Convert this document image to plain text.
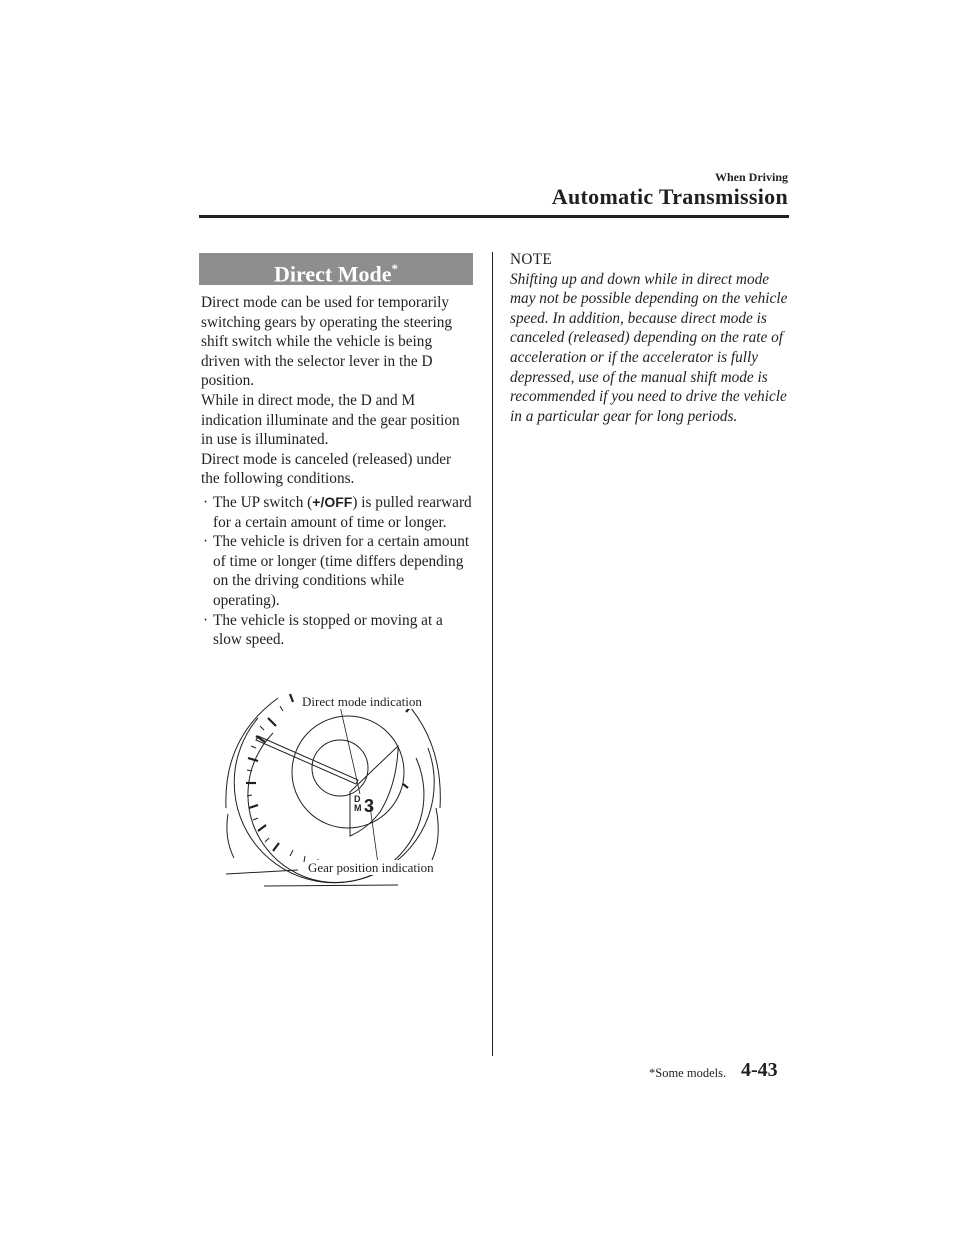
When Driving
Automatic Transmission
Direct Mode*

Direct mode can be used for temporarily switching gears by operating the steering shift switch while the vehicle is being driven with the selector lever in the D position.

While in direct mode, the D and M indication illuminate and the gear position in use is illuminated.

Direct mode is canceled (released) under the following conditions.

· The UP switch (+/OFF) is pulled rearward for a certain amount of time or longer.
· The vehicle is driven for a certain amount of time or longer (time differs depending on the driving conditions while operating).
· The vehicle is stopped or moving at a slow speed.
D
M 3
Direct mode indication
Gear position indication

NOTE

Shifting up and down while in direct mode may not be possible depending on the vehicle speed. In addition, because direct mode is canceled (released) depending on the rate of acceleration or if the accelerator is fully depressed, use of the manual shift mode is recommended if you need to drive the vehicle in a particular gear for long periods.

*Some models. 4-43
